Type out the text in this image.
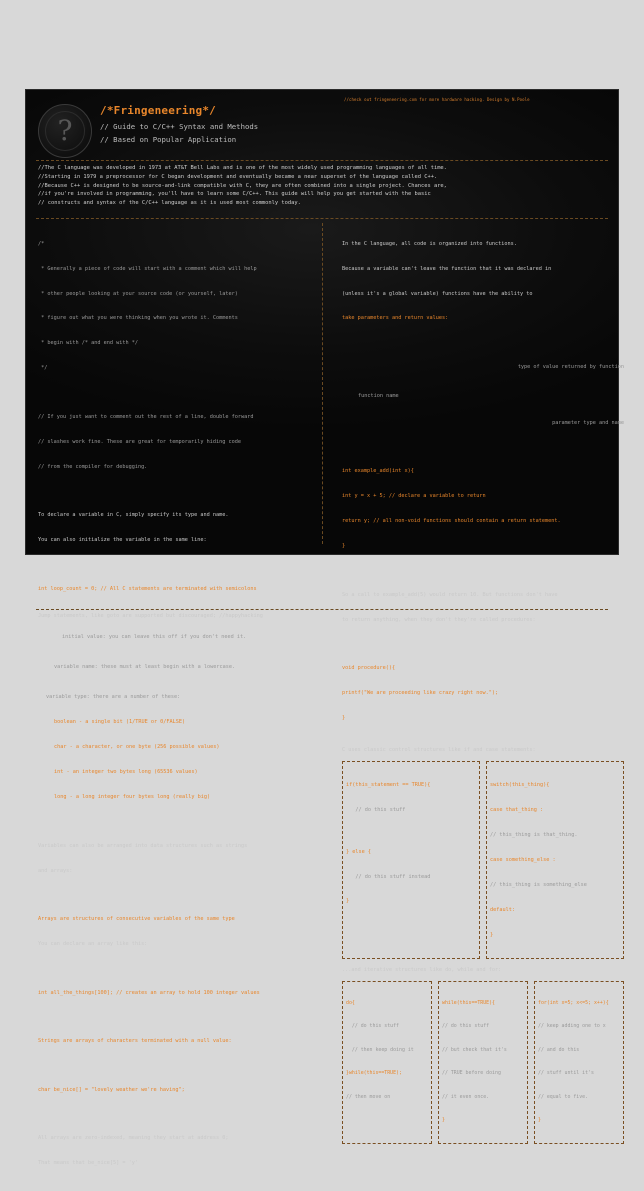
//check out fringeneering.com for more hardware hacking. Design by N.Poole
?
/*Fringeneering*/
// Guide to C/C++ Syntax and Methods
// Based on Popular Application
//The C language was developed in 1973 at AT&T Bell Labs and is one of the most widely used programming languages of all time.
//Starting in 1979 a preprocessor for C began development and eventually became a near superset of the language called C++.
//Because C++ is designed to be source-and-link compatible with C, they are often combined into a single project. Chances are,
//if you're involved in programming, you'll have to learn some C/C++. This guide will help you get started with the basic
// constructs and syntax of the C/C++ language as it is used most commonly today.

/*

* Generally a piece of code will start with a comment which will help

* other people looking at your source code (or yourself, later)

* figure out what you were thinking when you wrote it. Comments

* begin with /* and end with */

*/

// If you just want to comment out the rest of a line, double forward

// slashes work fine. These are great for temporarily hiding code

// from the compiler for debugging.

To declare a variable in C, simply specify its type and name.

You can also initialize the variable in the same line:

int loop_count = 0; // All C statements are terminated with semicolons

initial value: you can leave this off if you don't need it.

variable name: these must at least begin with a lowercase.

variable type: there are a number of these:

boolean - a single bit (1/TRUE or 0/FALSE)

char - a character, or one byte (256 possible values)

int - an integer two bytes long (65536 values)

long - a long integer four bytes long (really big)

Variables can also be arranged into data structures such as strings

and arrays:

Arrays are structures of consecutive variables of the same type

You can declare an array like this:

int all_the_things[100]; // creates an array to hold 100 integer values

Strings are arrays of characters terminated with a null value:

char be_nice[] = "lovely weather we're having";

All arrays are zero-indexed, meaning they start at address 0;

That means that be_nice[5] = 'y'

In the C language, all code is organized into functions.

Because a variable can't leave the function that it was declared in

(unless it's a global variable) functions have the ability to

take parameters and return values:

type of value returned by function

function name

parameter type and name

int example_add(int x){

int y = x + 5; // declare a variable to return

return y; // all non-void functions should contain a return statement.

}

So a call to example_add(5) would return 10. But functions don't have

to return anything, when they don't they're called procedures:

void procedure(){

printf("We are proceeding like crazy right now.");

}

C uses classic control structures like if and case statements:

if(this_statement == TRUE){

// do this stuff

} else {

// do this stuff instead

}

switch(this_thing){

case that_thing :

// this_thing is that_thing.

case something_else :

// this_thing is something_else

default:

}

...and iterative structures like do, while and for:

do{

// do this stuff

// then keep doing it

}while(this==TRUE);

// then move on

while(this==TRUE){

// do this stuff

// but check that it's

// TRUE before doing

// it even once.

}

for(int x=5; x<=5; x++){

// keep adding one to x

// and do this

// stuff until it's

// equal to five.

}

Jump statements, like goto are supported but discouraged; //happyhacking
